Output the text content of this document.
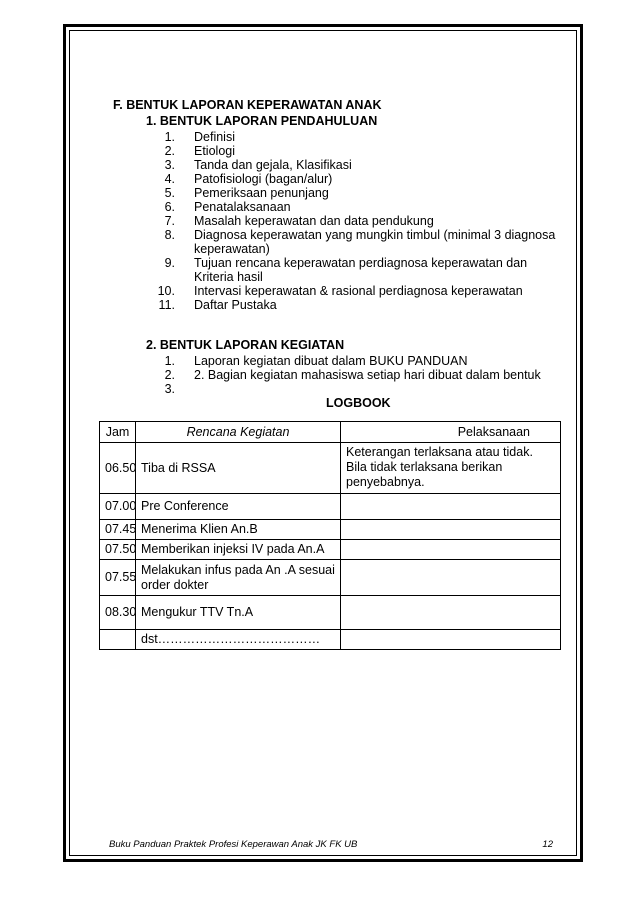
F. BENTUK LAPORAN KEPERAWATAN ANAK
1. BENTUK LAPORAN PENDAHULUAN
1. Definisi
2. Etiologi
3. Tanda dan gejala, Klasifikasi
4. Patofisiologi (bagan/alur)
5. Pemeriksaan penunjang
6. Penatalaksanaan
7. Masalah keperawatan dan data pendukung
8. Diagnosa keperawatan yang mungkin timbul (minimal 3 diagnosa
keperawatan)
9. Tujuan rencana keperawatan perdiagnosa keperawatan dan
Kriteria hasil
10. Intervasi keperawatan & rasional perdiagnosa keperawatan
11. Daftar Pustaka
2. BENTUK LAPORAN KEGIATAN
1. Laporan kegiatan dibuat dalam BUKU PANDUAN
2. 2. Bagian kegiatan mahasiswa setiap hari dibuat dalam bentuk
3.
LOGBOOK
Jam	Rencana Kegiatan	Pelaksanaan
06.50	Tiba di RSSA	Keterangan terlaksana atau tidak. Bila tidak terlaksana berikan penyebabnya.
07.00	Pre Conference	
07.45	Menerima Klien An.B	
07.50	Memberikan injeksi IV pada An.A	
07.55	Melakukan infus pada An .A sesuai order dokter	
08.30	Mengukur TTV Tn.A	
	dst…………………………………	
Buku Panduan Praktek Profesi Keperawan Anak JK FK UB	12
